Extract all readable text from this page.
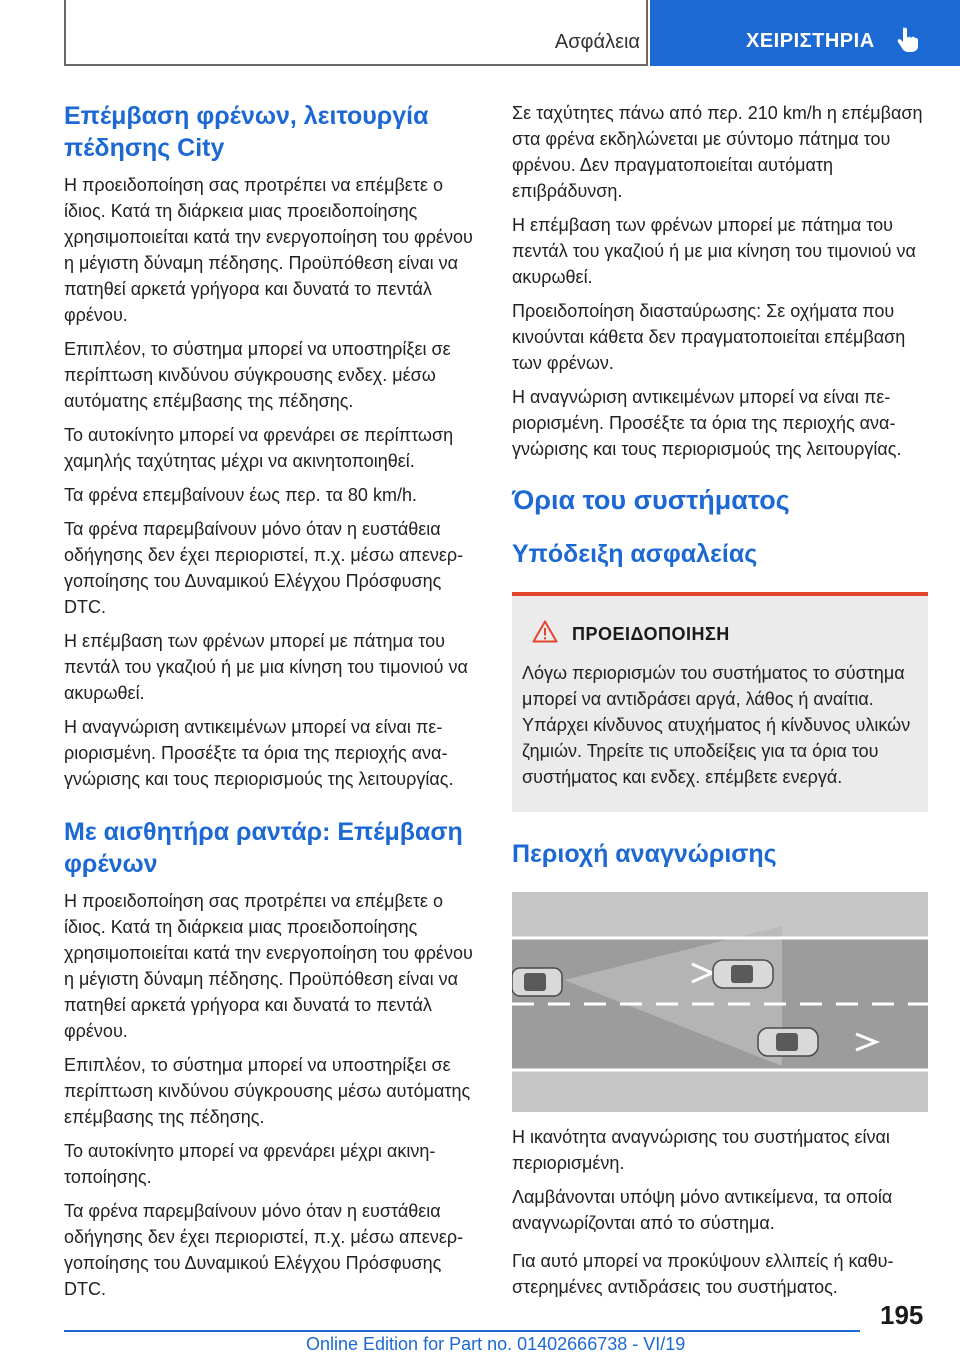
Ασφάλεια	ΧΕΙΡΙΣΤΗΡΙΑ
Επέμβαση φρένων, λειτουργία πέδησης City

Η προειδοποίηση σας προτρέπει να επέμβετε ο ίδιος. Κατά τη διάρκεια μιας προειδοποίησης χρησιμοποιείται κατά την ενεργοποίηση του φρένου η μέγιστη δύναμη πέδησης. Προϋπόθεση είναι να πατηθεί αρκετά γρήγορα και δυνατά το πεντάλ φρένου.

Επιπλέον, το σύστημα μπορεί να υποστηρίξει σε περίπτωση κινδύνου σύγκρουσης ενδεχ. μέσω αυτόματης επέμβασης της πέδησης.

Το αυτοκίνητο μπορεί να φρενάρει σε περίπτωση χαμηλής ταχύτητας μέχρι να ακινητοποιηθεί.

Τα φρένα επεμβαίνουν έως περ. τα 80 km/h.

Τα φρένα παρεμβαίνουν μόνο όταν η ευστάθεια οδήγησης δεν έχει περιοριστεί, π.χ. μέσω απενεργοποίησης του Δυναμικού Ελέγχου Πρόσφυσης DTC.

Η επέμβαση των φρένων μπορεί με πάτημα του πεντάλ του γκαζιού ή με μια κίνηση του τιμονιού να ακυρωθεί.

Η αναγνώριση αντικειμένων μπορεί να είναι περιορισμένη. Προσέξτε τα όρια της περιοχής αναγνώρισης και τους περιορισμούς της λειτουργίας.

Με αισθητήρα ραντάρ: Επέμβαση φρένων

Η προειδοποίηση σας προτρέπει να επέμβετε ο ίδιος. Κατά τη διάρκεια μιας προειδοποίησης χρησιμοποιείται κατά την ενεργοποίηση του φρένου η μέγιστη δύναμη πέδησης. Προϋπόθεση είναι να πατηθεί αρκετά γρήγορα και δυνατά το πεντάλ φρένου.

Επιπλέον, το σύστημα μπορεί να υποστηρίξει σε περίπτωση κινδύνου σύγκρουσης μέσω αυτόματης επέμβασης της πέδησης.

Το αυτοκίνητο μπορεί να φρενάρει μέχρι ακινητοποίησης.

Τα φρένα παρεμβαίνουν μόνο όταν η ευστάθεια οδήγησης δεν έχει περιοριστεί, π.χ. μέσω απενεργοποίησης του Δυναμικού Ελέγχου Πρόσφυσης DTC.

Σε ταχύτητες πάνω από περ. 210 km/h η επέμβαση στα φρένα εκδηλώνεται με σύντομο πάτημα του φρένου. Δεν πραγματοποιείται αυτόματη επιβράδυνση.

Η επέμβαση των φρένων μπορεί με πάτημα του πεντάλ του γκαζιού ή με μια κίνηση του τιμονιού να ακυρωθεί.

Προειδοποίηση διασταύρωσης: Σε οχήματα που κινούνται κάθετα δεν πραγματοποιείται επέμβαση των φρένων.

Η αναγνώριση αντικειμένων μπορεί να είναι περιορισμένη. Προσέξτε τα όρια της περιοχής αναγνώρισης και τους περιορισμούς της λειτουργίας.

Όρια του συστήματος
Υπόδειξη ασφαλείας
ΠΡΟΕΙΔΟΠΟΙΗΣΗ

Λόγω περιορισμών του συστήματος το σύστημα μπορεί να αντιδράσει αργά, λάθος ή αναίτια. Υπάρχει κίνδυνος ατυχήματος ή κίνδυνος υλικών ζημιών. Τηρείτε τις υποδείξεις για τα όρια του συστήματος και ενδεχ. επέμβετε ενεργά.

Περιοχή αναγνώρισης

Η ικανότητα αναγνώρισης του συστήματος είναι περιορισμένη.

Λαμβάνονται υπόψη μόνο αντικείμενα, τα οποία αναγνωρίζονται από το σύστημα.

Για αυτό μπορεί να προκύψουν ελλιπείς ή καθυστερημένες αντιδράσεις του συστήματος.

195
Online Edition for Part no. 01402666738 - VI/19
